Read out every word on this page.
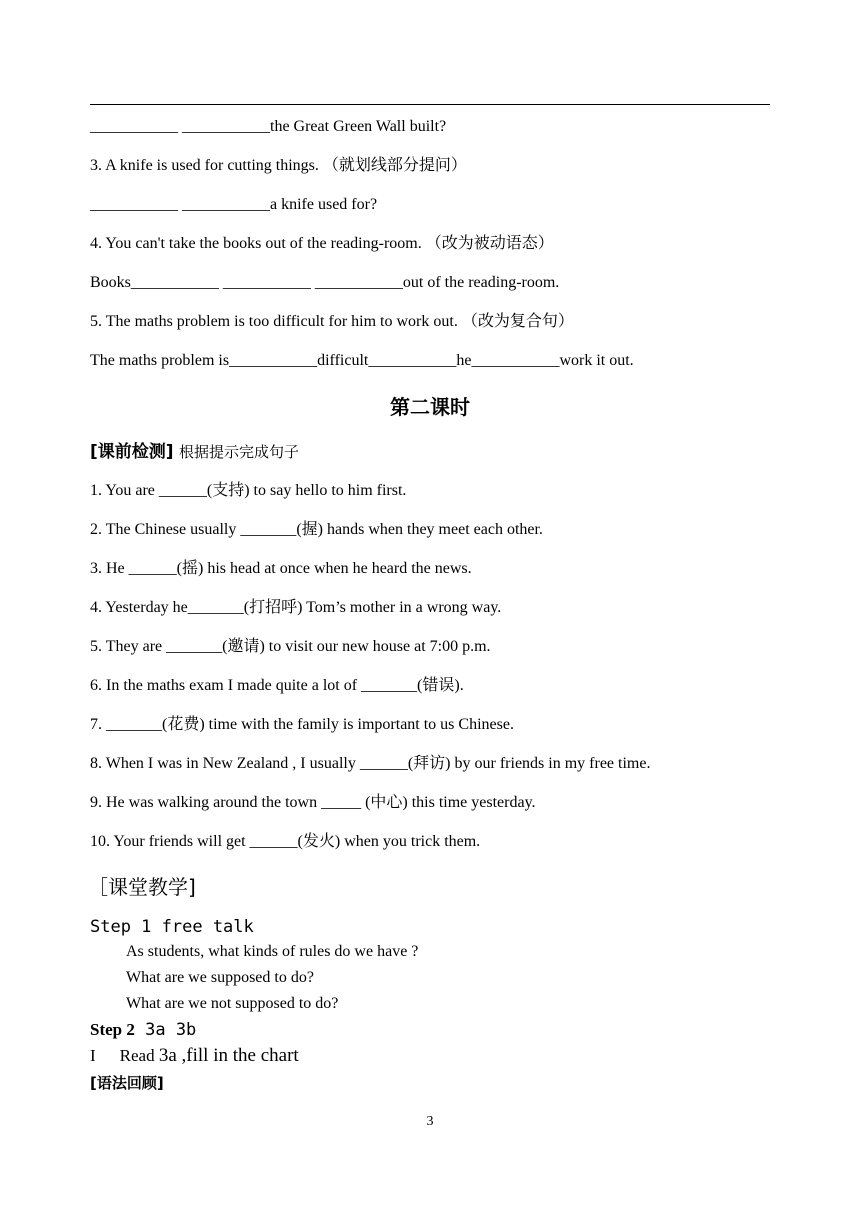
___________ ___________the Great Green Wall built?
3. A knife is used for cutting things. （就划线部分提问）
___________ ___________a knife used for?
4. You can't take the books out of the reading-room. （改为被动语态）
Books___________ ___________ ___________out of the reading-room.
5. The maths problem is too difficult for him to work out. （改为复合句）
The maths problem is___________difficult___________he___________work it out.
第二课时
[课前检测] 根据提示完成句子
1. You are ______(支持) to say hello to him first.
2. The Chinese usually _______(握) hands when they meet each other.
3. He ______(摇) his head at once when he heard the news.
4. Yesterday he_______(打招呼) Tom’s mother in a wrong way.
5. They are _______(邀请) to visit our new house at 7:00 p.m.
6. In the maths exam I made quite a lot of _______(错误).
7. _______(花费) time with the family is important to us Chinese.
8. When I was in New Zealand , I usually ______(拜访) by our friends in my free time.
9. He was walking around the town _____ (中心) this time yesterday.
10. Your friends will get ______(发火) when you trick them.
［课堂教学]
Step 1 free talk
As students, what kinds of rules do we have ?
What are we supposed to do?
What are we not supposed to do?
Step 2 3a 3b
I Read 3a ,fill in the chart
[语法回顾]
3
